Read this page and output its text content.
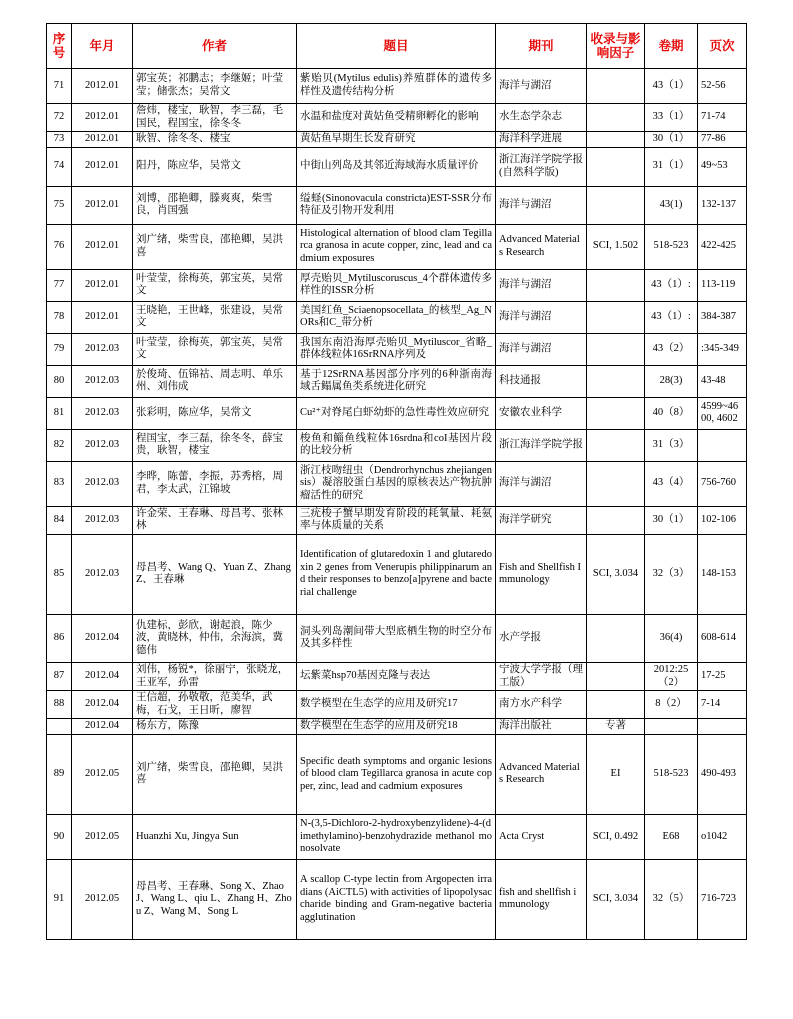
序号	年月	作者	题目	期刊	收录与影响因子	卷期	页次
71	2012.01	郭宝英；祁鹏志；李继姬；叶莹莹；储张杰；吴常文	紫贻贝(Mytilus edulis)养殖群体的遗传多样性及遗传结构分析	海洋与湖沼		43（1）	52-56
72	2012.01	詹炜，楼宝，耿智，李三磊，毛国民，程国宝，徐冬冬	水温和盐度对黄姑鱼受精卵孵化的影响	水生态学杂志		33（1）	71-74
73	2012.01	耿智、徐冬冬、楼宝	黄姑鱼早期生长发育研究	海洋科学进展		30（1）	77-86
74	2012.01	阳丹，陈应华，吴常文	中街山列岛及其邻近海域海水质量评价	浙江海洋学院学报(自然科学版)		31（1）	49~53
75	2012.01	刘博，邵艳卿，滕爽爽，柴雪良，肖国强	缢蛏(Sinonovacula constricta)EST-SSR分布特征及引物开发利用	海洋与湖沼		43(1)	132-137
76	2012.01	刘广绪，柴雪良，邵艳卿，吴洪喜	Histological alternation of blood clam Tegillarca granosa in acute copper, zinc, lead and cadmium exposures	Advanced Materials Research	SCI, 1.502	518-523	422-425
77	2012.01	叶莹莹，徐梅英，郭宝英，吴常文	厚壳贻贝_Mytiluscoruscus_4个群体遗传多样性的ISSR分析	海洋与湖沼		43（1）:	113-119
78	2012.01	王晓艳，王世峰，张建设，吴常文	美国红鱼_Sciaenopsocellata_的核型_Ag_NORs和C_带分析	海洋与湖沼		43（1）:	384-387
79	2012.03	叶莹莹，徐梅英，郭宝英，吴常文	我国东南沿海厚壳贻贝_Mytiluscor_省略_群体线粒体16SrRNA序列及	海洋与湖沼		43（2）	:345-349
80	2012.03	於俊琦、伍锦祜、周志明、单乐州、刘伟成	基于12SrRNA基因部分序列的6种浙南海域舌鳎属鱼类系统进化研究	科技通报		28(3)	43-48
81	2012.03	张彩明，陈应华，吴常文	Cu²⁺对脊尾白虾幼虾的急性毒性效应研究	安徽农业科学		40（8）	4599~4600, 4602
82	2012.03	程国宝，李三磊，徐冬冬，薛宝贵，耿智，楼宝	梭鱼和鲻鱼线粒体16srdna和coI基因片段的比较分析	浙江海洋学院学报		31（3）	
83	2012.03	李晔，陈蕾，李振，苏秀榕，周君，李太武，江锦坡	浙江枝吻纽虫（Dendrorhynchus zhejiangensis）凝溶胶蛋白基因的原核表达产物抗肿瘤活性的研究	海洋与湖沼		43（4）	756-760
84	2012.03	许金荣、王春琳、母昌考、张林林	三疣梭子蟹早期发育阶段的耗氧量、耗氨率与体质量的关系	海洋学研究		30（1）	102-106
85	2012.03	母昌考、Wang Q、Yuan Z、Zhang Z、王春琳	Identification of glutaredoxin 1 and glutaredoxin 2 genes from Venerupis philippinarum and their responses to benzo[a]pyrene and bacterial challenge	Fish and Shellfish Immunology	SCI, 3.034	32（3）	148-153
86	2012.04	仇建标，彭欣，谢起浪，陈少波，黄晓林，仲伟，余海滨，冀德伟	洞头列岛潮间带大型底栖生物的时空分布及其多样性	水产学报		36(4)	608-614
87	2012.04	刘伟，杨锐*，徐丽宁，张晓龙，王亚军，孙雷	坛紫菜hsp70基因克隆与表达	宁波大学学报（理工版）		2012:25（2）	17-25
88	2012.04	王信超，孙敬敬，范美华，武梅，石戈，王日昕，廖智	数学模型在生态学的应用及研究17	南方水产科学		8（2）	7-14
	2012.04	杨东方，陈豫	数学模型在生态学的应用及研究18	海洋出版社	专著		
89	2012.05	刘广绪，柴雪良，邵艳卿，吴洪喜	Specific death symptoms and organic lesions of blood clam Tegillarca granosa in acute copper, zinc, lead and cadmium exposures	Advanced Materials Research	EI	518-523	490-493
90	2012.05	Huanzhi Xu, Jingya Sun	N-(3,5-Dichloro-2-hydroxybenzylidene)-4-(dimethylamino)-benzohydrazide methanol monosolvate	Acta Cryst	SCI, 0.492	E68	o1042
91	2012.05	母昌考、王春琳、Song X、Zhao J、Wang L、qiu L、Zhang H、Zhou Z、Wang M、Song L	A scallop C-type lectin from Argopecten irradians (AiCTL5) with activities of lipopolysaccharide binding and Gram-negative bacteria agglutination	fish and shellfish immunology	SCI, 3.034	32（5）	716-723
